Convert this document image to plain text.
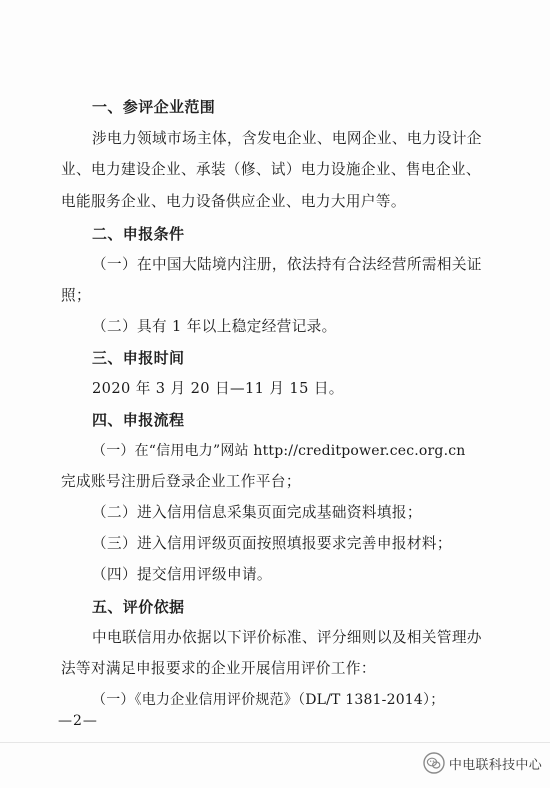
一、参评企业范围
涉电力领域市场主体，含发电企业、电网企业、电力设计企
业、电力建设企业、承装（修、试）电力设施企业、售电企业、
电能服务企业、电力设备供应企业、电力大用户等。
二、申报条件
（一）在中国大陆境内注册，依法持有合法经营所需相关证
照；
（二）具有 1 年以上稳定经营记录。
三、申报时间
2020 年 3 月 20 日—11 月 15 日。
四、申报流程
（一）在“信用电力”网站 http://creditpower.cec.org.cn
完成账号注册后登录企业工作平台；
（二）进入信用信息采集页面完成基础资料填报；
（三）进入信用评级页面按照填报要求完善申报材料；
（四）提交信用评级申请。
五、评价依据
中电联信用办依据以下评价标准、评分细则以及相关管理办
法等对满足申报要求的企业开展信用评价工作：
（一）《电力企业信用评价规范》（DL/T 1381-2014）；
—2—
中电联科技中心
